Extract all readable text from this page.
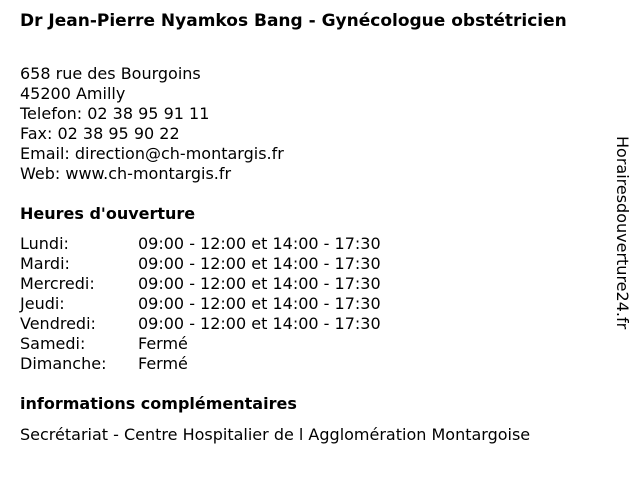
Dr Jean-Pierre Nyamkos Bang - Gynécologue obstétricien
658 rue des Bourgoins
45200 Amilly
Telefon: 02 38 95 91 11
Fax: 02 38 95 90 22
Email: direction@ch-montargis.fr
Web: www.ch-montargis.fr
Heures d'ouverture
Lundi:	09:00 - 12:00 et 14:00 - 17:30
Mardi:	09:00 - 12:00 et 14:00 - 17:30
Mercredi:	09:00 - 12:00 et 14:00 - 17:30
Jeudi:	09:00 - 12:00 et 14:00 - 17:30
Vendredi:	09:00 - 12:00 et 14:00 - 17:30
Samedi:	Fermé
Dimanche:	Fermé
informations complémentaires
Secrétariat - Centre Hospitalier de l Agglomération Montargoise
Horairesdouverture24.fr
